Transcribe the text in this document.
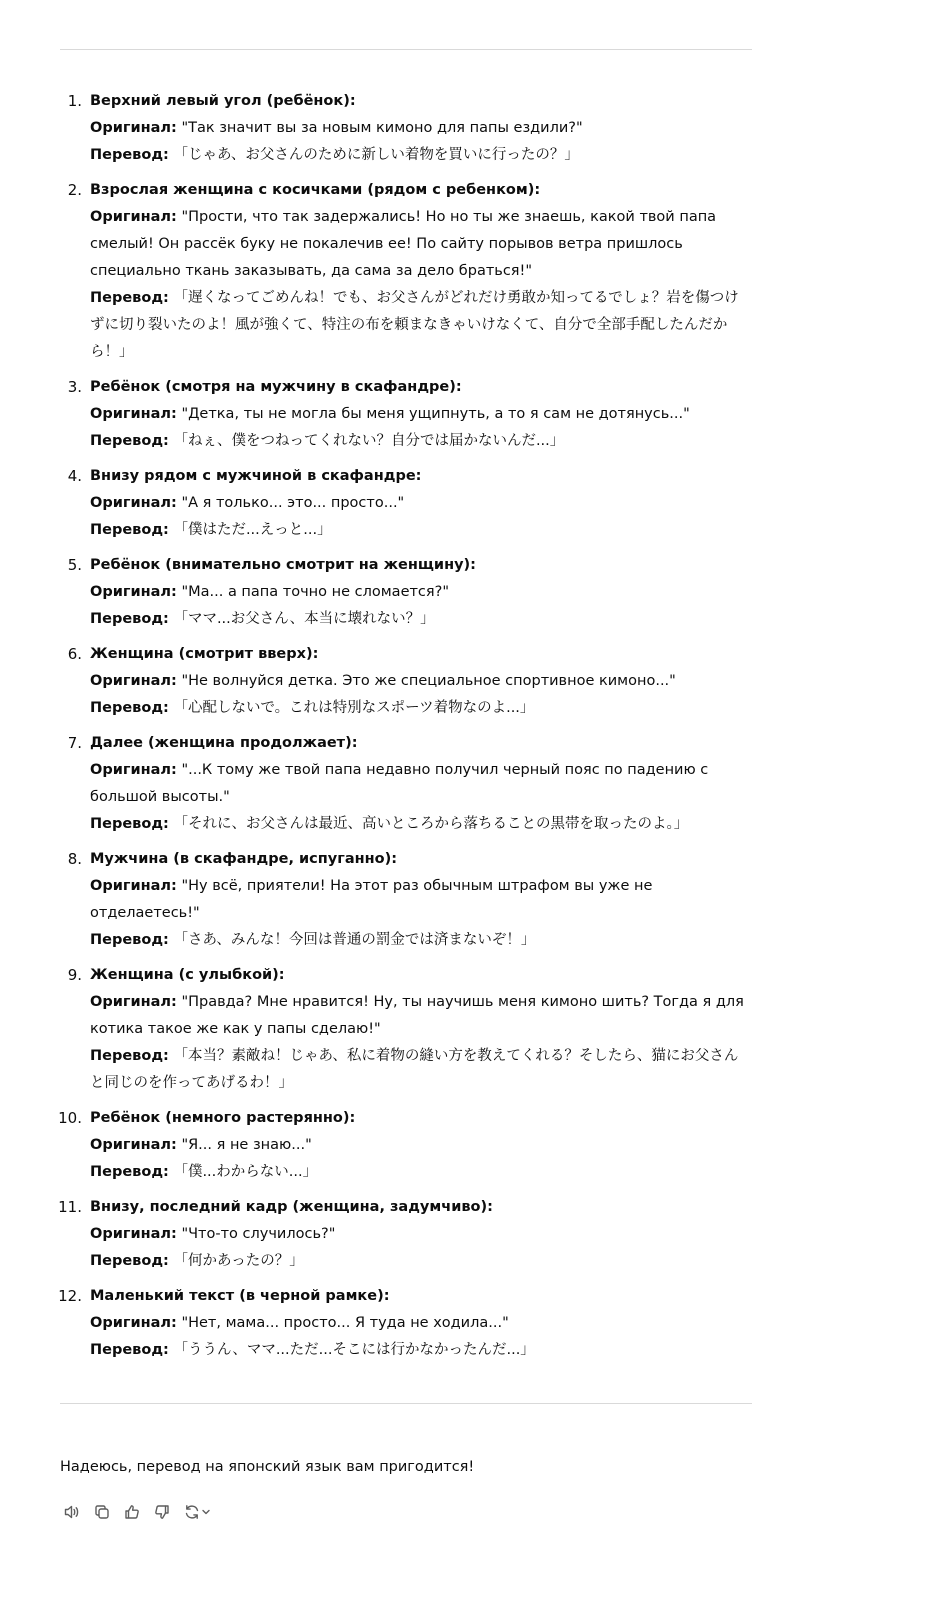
1. Верхний левый угол (ребёнок):
Оригинал: "Так значит вы за новым кимоно для папы ездили?"
Перевод: 「じゃあ、お父さんのために新しい着物を買いに行ったの？」
2. Взрослая женщина с косичками (рядом с ребенком):
Оригинал: "Прости, что так задержались! Но но ты же знаешь, какой твой папа смелый! Он рассёк буку не покалечив ее! По сайту порывов ветра пришлось специально ткань заказывать, да сама за дело браться!"
Перевод: 「遅くなってごめんね！でも、お父さんがどれだけ勇敢か知ってるでしょ？岩を傷つけずに切り裂いたのよ！風が強くて、特注の布を頼まなきゃいけなくて、自分で全部手配したんだから！」
3. Ребёнок (смотря на мужчину в скафандре):
Оригинал: "Детка, ты не могла бы меня ущипнуть, а то я сам не дотянусь..."
Перевод: 「ねぇ、僕をつねってくれない？自分では届かないんだ...」
4. Внизу рядом с мужчиной в скафандре:
Оригинал: "А я только... это... просто..."
Перевод: 「僕はただ...えっと...」
5. Ребёнок (внимательно смотрит на женщину):
Оригинал: "Ма... а папа точно не сломается?"
Перевод: 「ママ...お父さん、本当に壊れない？」
6. Женщина (смотрит вверх):
Оригинал: "Не волнуйся детка. Это же специальное спортивное кимоно..."
Перевод: 「心配しないで。これは特別なスポーツ着物なのよ...」
7. Далее (женщина продолжает):
Оригинал: "...К тому же твой папа недавно получил черный пояс по падению с большой высоты."
Перевод: 「それに、お父さんは最近、高いところから落ちることの黒帯を取ったのよ。」
8. Мужчина (в скафандре, испуганно):
Оригинал: "Ну всё, приятели! На этот раз обычным штрафом вы уже не отделаетесь!"
Перевод: 「さあ、みんな！今回は普通の罰金では済まないぞ！」
9. Женщина (с улыбкой):
Оригинал: "Правда? Мне нравится! Ну, ты научишь меня кимоно шить? Тогда я для котика такое же как у папы сделаю!"
Перевод: 「本当？素敵ね！じゃあ、私に着物の縫い方を教えてくれる？そしたら、猫にお父さんと同じのを作ってあげるわ！」
10. Ребёнок (немного растерянно):
Оригинал: "Я... я не знаю..."
Перевод: 「僕...わからない...」
11. Внизу, последний кадр (женщина, задумчиво):
Оригинал: "Что-то случилось?"
Перевод: 「何かあったの？」
12. Маленький текст (в черной рамке):
Оригинал: "Нет, мама... просто... Я туда не ходила..."
Перевод: 「ううん、ママ...ただ...そこには行かなかったんだ...」
Надеюсь, перевод на японский язык вам пригодится!
